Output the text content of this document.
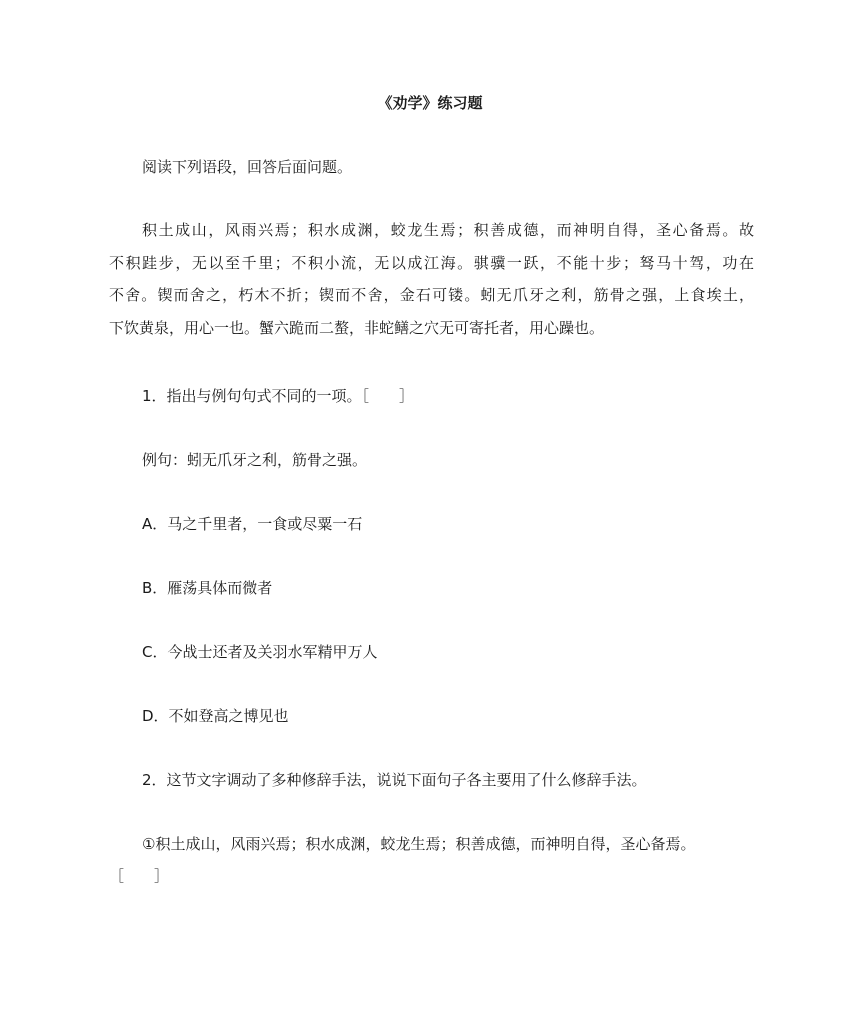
《劝学》练习题

阅读下列语段，回答后面问题。

积土成山，风雨兴焉；积水成渊，蛟龙生焉；积善成德，而神明自得，圣心备焉。故
不积跬步，无以至千里；不积小流，无以成江海。骐骥一跃，不能十步；驽马十驾，功在
不舍。锲而舍之，朽木不折；锲而不舍，金石可镂。蚓无爪牙之利，筋骨之强，上食埃土，
下饮黄泉，用心一也。蟹六跪而二螯，非蛇鳝之穴无可寄托者，用心躁也。

1．指出与例句句式不同的一项。［　　］

例句：蚓无爪牙之利，筋骨之强。

A．马之千里者，一食或尽粟一石

B．雁荡具体而微者

C．今战士还者及关羽水军精甲万人

D．不如登高之博见也

2．这节文字调动了多种修辞手法，说说下面句子各主要用了什么修辞手法。

①积土成山，风雨兴焉；积水成渊，蛟龙生焉；积善成德，而神明自得，圣心备焉。
［　　］
